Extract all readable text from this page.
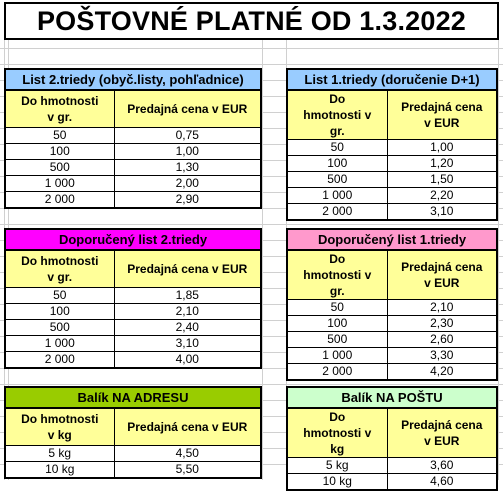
POŠTOVNÉ PLATNÉ OD 1.3.2022
List 2.triedy (obyč.listy, pohľadnice)	
Do hmotnosti v gr.	Predajná cena v EUR
50	0,75
100	1,00
500	1,30
1 000	2,00
2 000	2,90
List 1.triedy (doručenie D+1)	
Do hmotnosti v gr.	Predajná cena v EUR
50	1,00
100	1,20
500	1,50
1 000	2,20
2 000	3,10
Doporučený list 2.triedy	
Do hmotnosti v gr.	Predajná cena v EUR
50	1,85
100	2,10
500	2,40
1 000	3,10
2 000	4,00
Doporučený list 1.triedy	
Do hmotnosti v gr.	Predajná cena v EUR
50	2,10
100	2,30
500	2,60
1 000	3,30
2 000	4,20
Balík NA ADRESU	
Do hmotnosti v kg	Predajná cena v EUR
5 kg	4,50
10 kg	5,50
Balík NA POŠTU	
Do hmotnosti v kg	Predajná cena v EUR
5 kg	3,60
10 kg	4,60
